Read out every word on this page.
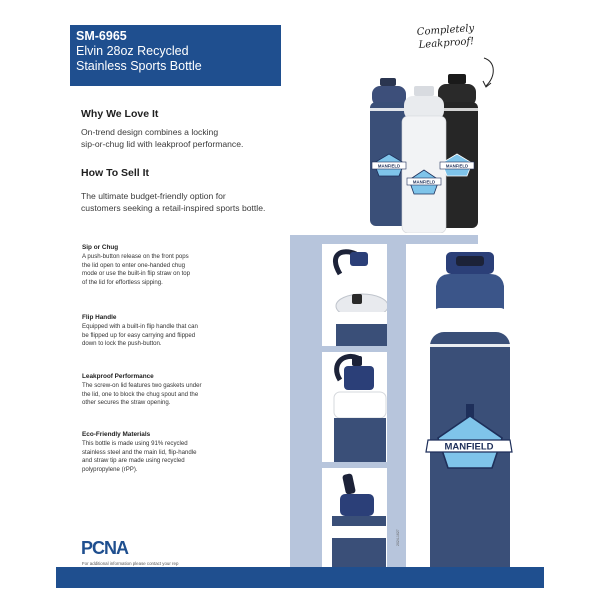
SM-6965
Elvin 28oz Recycled
Stainless Sports Bottle
Completely
Leakproof!
MANFIELD
MANFIELD
MANFIELD
Why We Love It
On-trend design combines a locking
sip-or-chug lid with leakproof performance.
How To Sell It
The ultimate budget-friendly option for
customers seeking a retail-inspired sports bottle.
Sip or Chug
A push-button release on the front pops
the lid open to enter one-handed chug
mode or use the built-in flip straw on top
of the lid for effortless sipping.
Flip Handle
Equipped with a built-in flip handle that can
be flipped up for easy carrying and flipped
down to lock the push-button.
Leakproof Performance
The screw-on lid features two gaskets under
the lid, one to block the chug spout and the
other secures the straw opening.
Eco-Friendly Materials
This bottle is made using 91% recycled
stainless steel and the main lid, flip-handle
and straw tip are made using recycled
polypropylene (rPP).
MANFIELD
2024-1627
PCNA
For additional information please contact your rep
